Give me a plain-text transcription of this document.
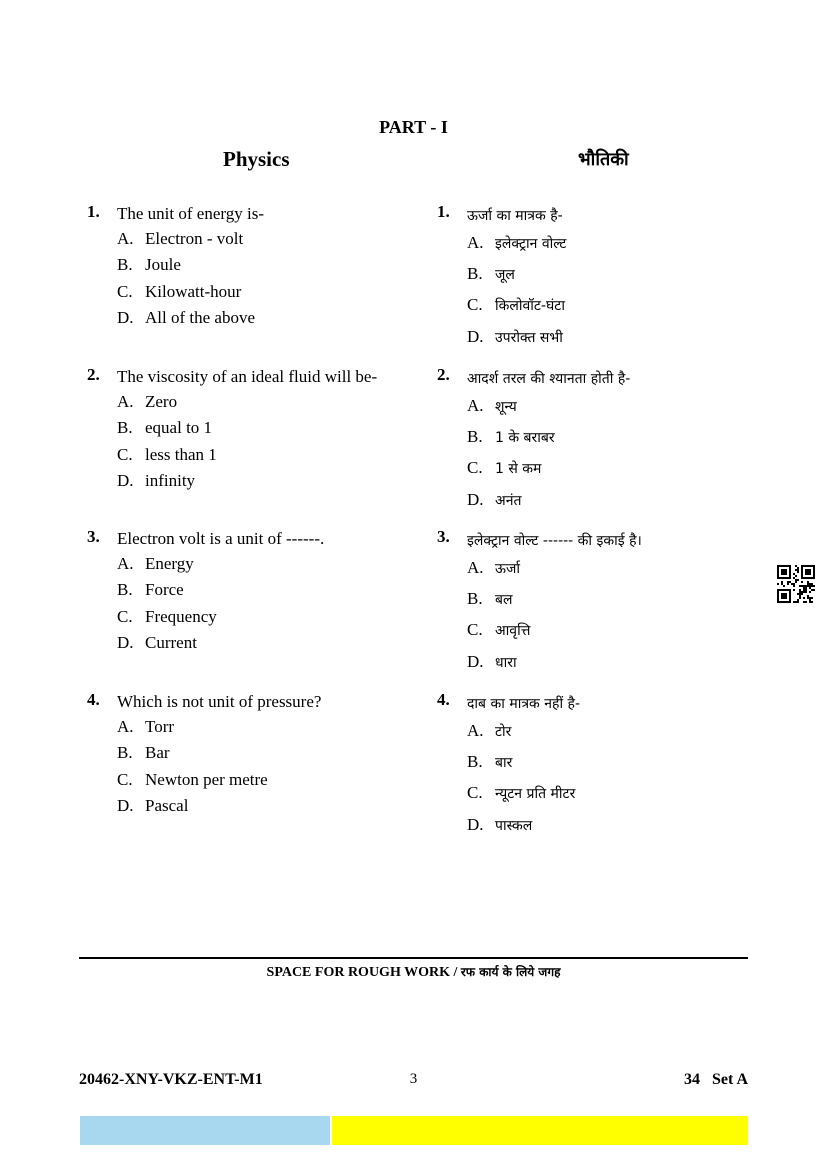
PART - I
Physics	भौतिकी
1. The unit of energy is-
A. Electron - volt
B. Joule
C. Kilowatt-hour
D. All of the above
2. The viscosity of an ideal fluid will be-
A. Zero
B. equal to 1
C. less than 1
D. infinity
3. Electron volt is a unit of ------.
A. Energy
B. Force
C. Frequency
D. Current
4. Which is not unit of pressure?
A. Torr
B. Bar
C. Newton per metre
D. Pascal
1. ऊर्जा का मात्रक है-
A. इलेक्ट्रान वोल्ट
B. जूल
C. किलोवॉट-घंटा
D. उपरोक्त सभी
2. आदर्श तरल की श्यानता होती है-
A. शून्य
B. 1 के बराबर
C. 1 से कम
D. अनंत
3. इलेक्ट्रान वोल्ट ------ की इकाई है।
A. ऊर्जा
B. बल
C. आवृत्ति
D. धारा
4. दाब का मात्रक नहीं है-
A. टोर
B. बार
C. न्यूटन प्रति मीटर
D. पास्कल
SPACE FOR ROUGH WORK / रफ कार्य के लिये जगह
20462-XNY-VKZ-ENT-M1	3	34   Set A
